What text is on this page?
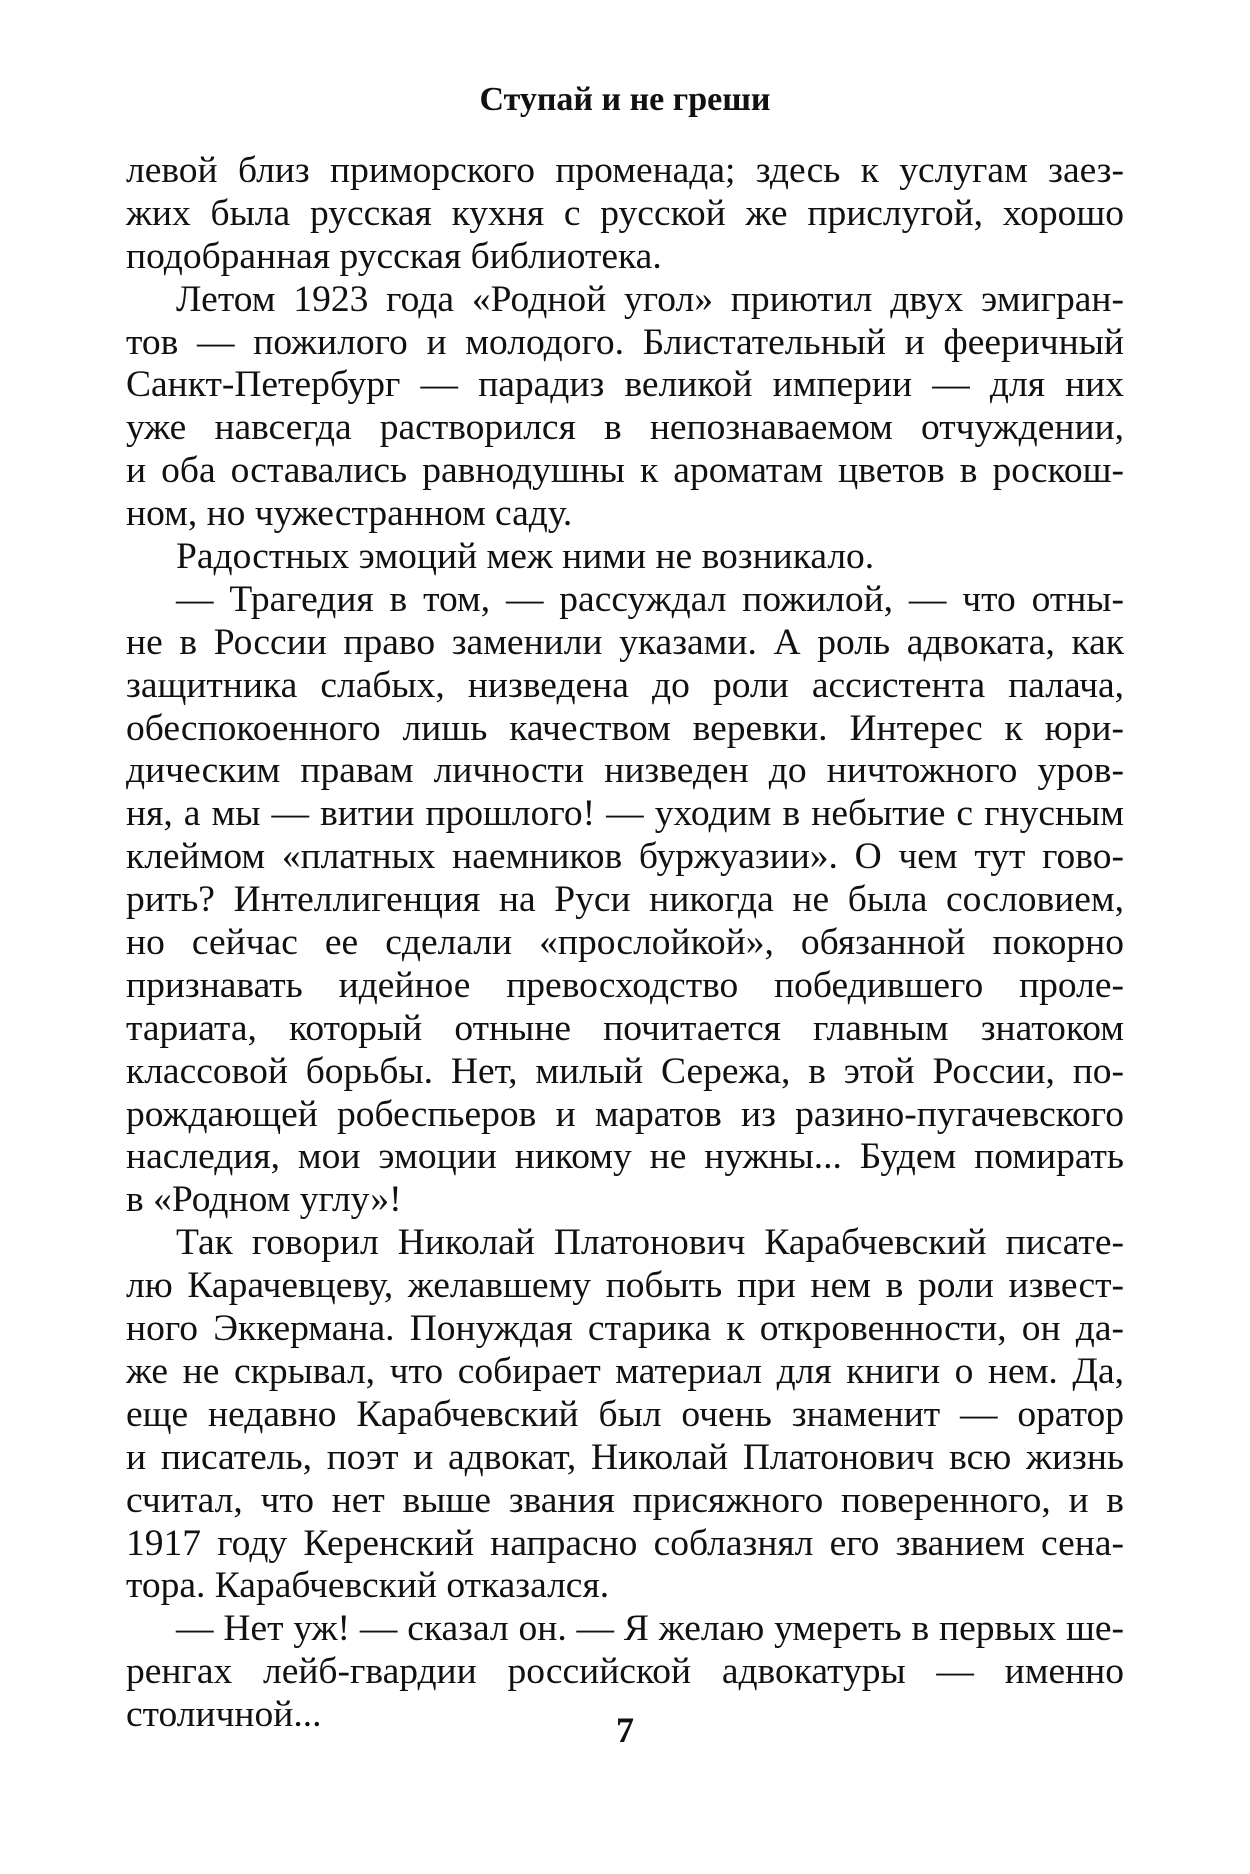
Ступай и не греши
левой близ приморского променада; здесь к услугам заез-
жих была русская кухня с русской же прислугой, хорошо
подобранная русская библиотека.
Летом 1923 года «Родной угол» приютил двух эмигран-
тов — пожилого и молодого. Блистательный и фееричный
Санкт-Петербург — парадиз великой империи — для них
уже навсегда растворился в непознаваемом отчуждении,
и оба оставались равнодушны к ароматам цветов в роскош-
ном, но чужестранном саду.
Радостных эмоций меж ними не возникало.
— Трагедия в том, — рассуждал пожилой, — что отны-
не в России право заменили указами. А роль адвоката, как
защитника слабых, низведена до роли ассистента палача,
обеспокоенного лишь качеством веревки. Интерес к юри-
дическим правам личности низведен до ничтожного уров-
ня, а мы — витии прошлого! — уходим в небытие с гнусным
клеймом «платных наемников буржуазии». О чем тут гово-
рить? Интеллигенция на Руси никогда не была сословием,
но сейчас ее сделали «прослойкой», обязанной покорно
признавать идейное превосходство победившего проле-
тариата, который отныне почитается главным знатоком
классовой борьбы. Нет, милый Сережа, в этой России, по-
рождающей робеспьеров и маратов из разино-пугачевского
наследия, мои эмоции никому не нужны... Будем помирать
в «Родном углу»!
Так говорил Николай Платонович Карабчевский писате-
лю Карачевцеву, желавшему побыть при нем в роли извест-
ного Эккермана. Понуждая старика к откровенности, он да-
же не скрывал, что собирает материал для книги о нем. Да,
еще недавно Карабчевский был очень знаменит — оратор
и писатель, поэт и адвокат, Николай Платонович всю жизнь
считал, что нет выше звания присяжного поверенного, и в
1917 году Керенский напрасно соблазнял его званием сена-
тора. Карабчевский отказался.
— Нет уж! — сказал он. — Я желаю умереть в первых ше-
ренгах лейб-гвардии российской адвокатуры — именно
столичной...	7
